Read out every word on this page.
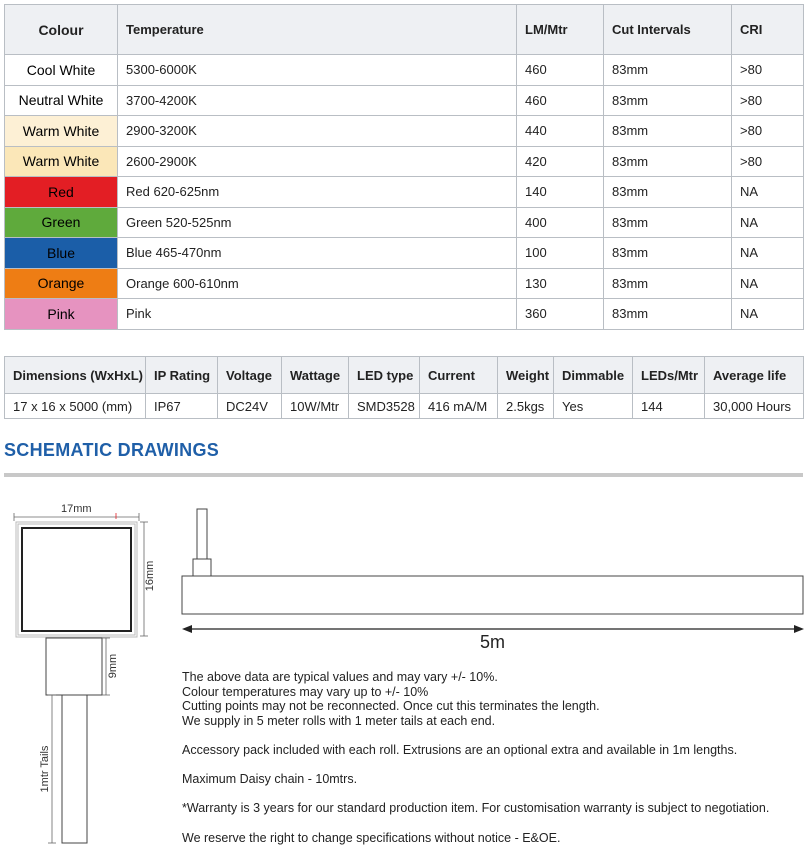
Colour	Temperature	LM/Mtr	Cut Intervals	CRI
Cool White	5300-6000K	460	83mm	>80
Neutral White	3700-4200K	460	83mm	>80
Warm White	2900-3200K	440	83mm	>80
Warm White	2600-2900K	420	83mm	>80
Red	Red 620-625nm	140	83mm	NA
Green	Green 520-525nm	400	83mm	NA
Blue	Blue 465-470nm	100	83mm	NA
Orange	Orange 600-610nm	130	83mm	NA
Pink	Pink	360	83mm	NA
Dimensions (WxHxL)	IP Rating	Voltage	Wattage	LED type	Current	Weight	Dimmable	LEDs/Mtr	Average life
17 x 16 x 5000 (mm)	IP67	DC24V	10W/Mtr	SMD3528	416 mA/M	2.5kgs	Yes	144	30,000 Hours
SCHEMATIC DRAWINGS
17mm
16mm
9mm
1mtr Tails
5m

The above data are typical values and may vary +/- 10%.

Colour temperatures may vary up to +/- 10%

Cutting points may not be reconnected. Once cut this terminates the length.

We supply in 5 meter rolls with 1 meter tails at each end.

Accessory pack included with each roll. Extrusions are an optional extra and available in 1m lengths.

Maximum Daisy chain - 10mtrs.

*Warranty is 3 years for our standard production item. For customisation warranty is subject to negotiation.

We reserve the right to change specifications without notice - E&OE.
